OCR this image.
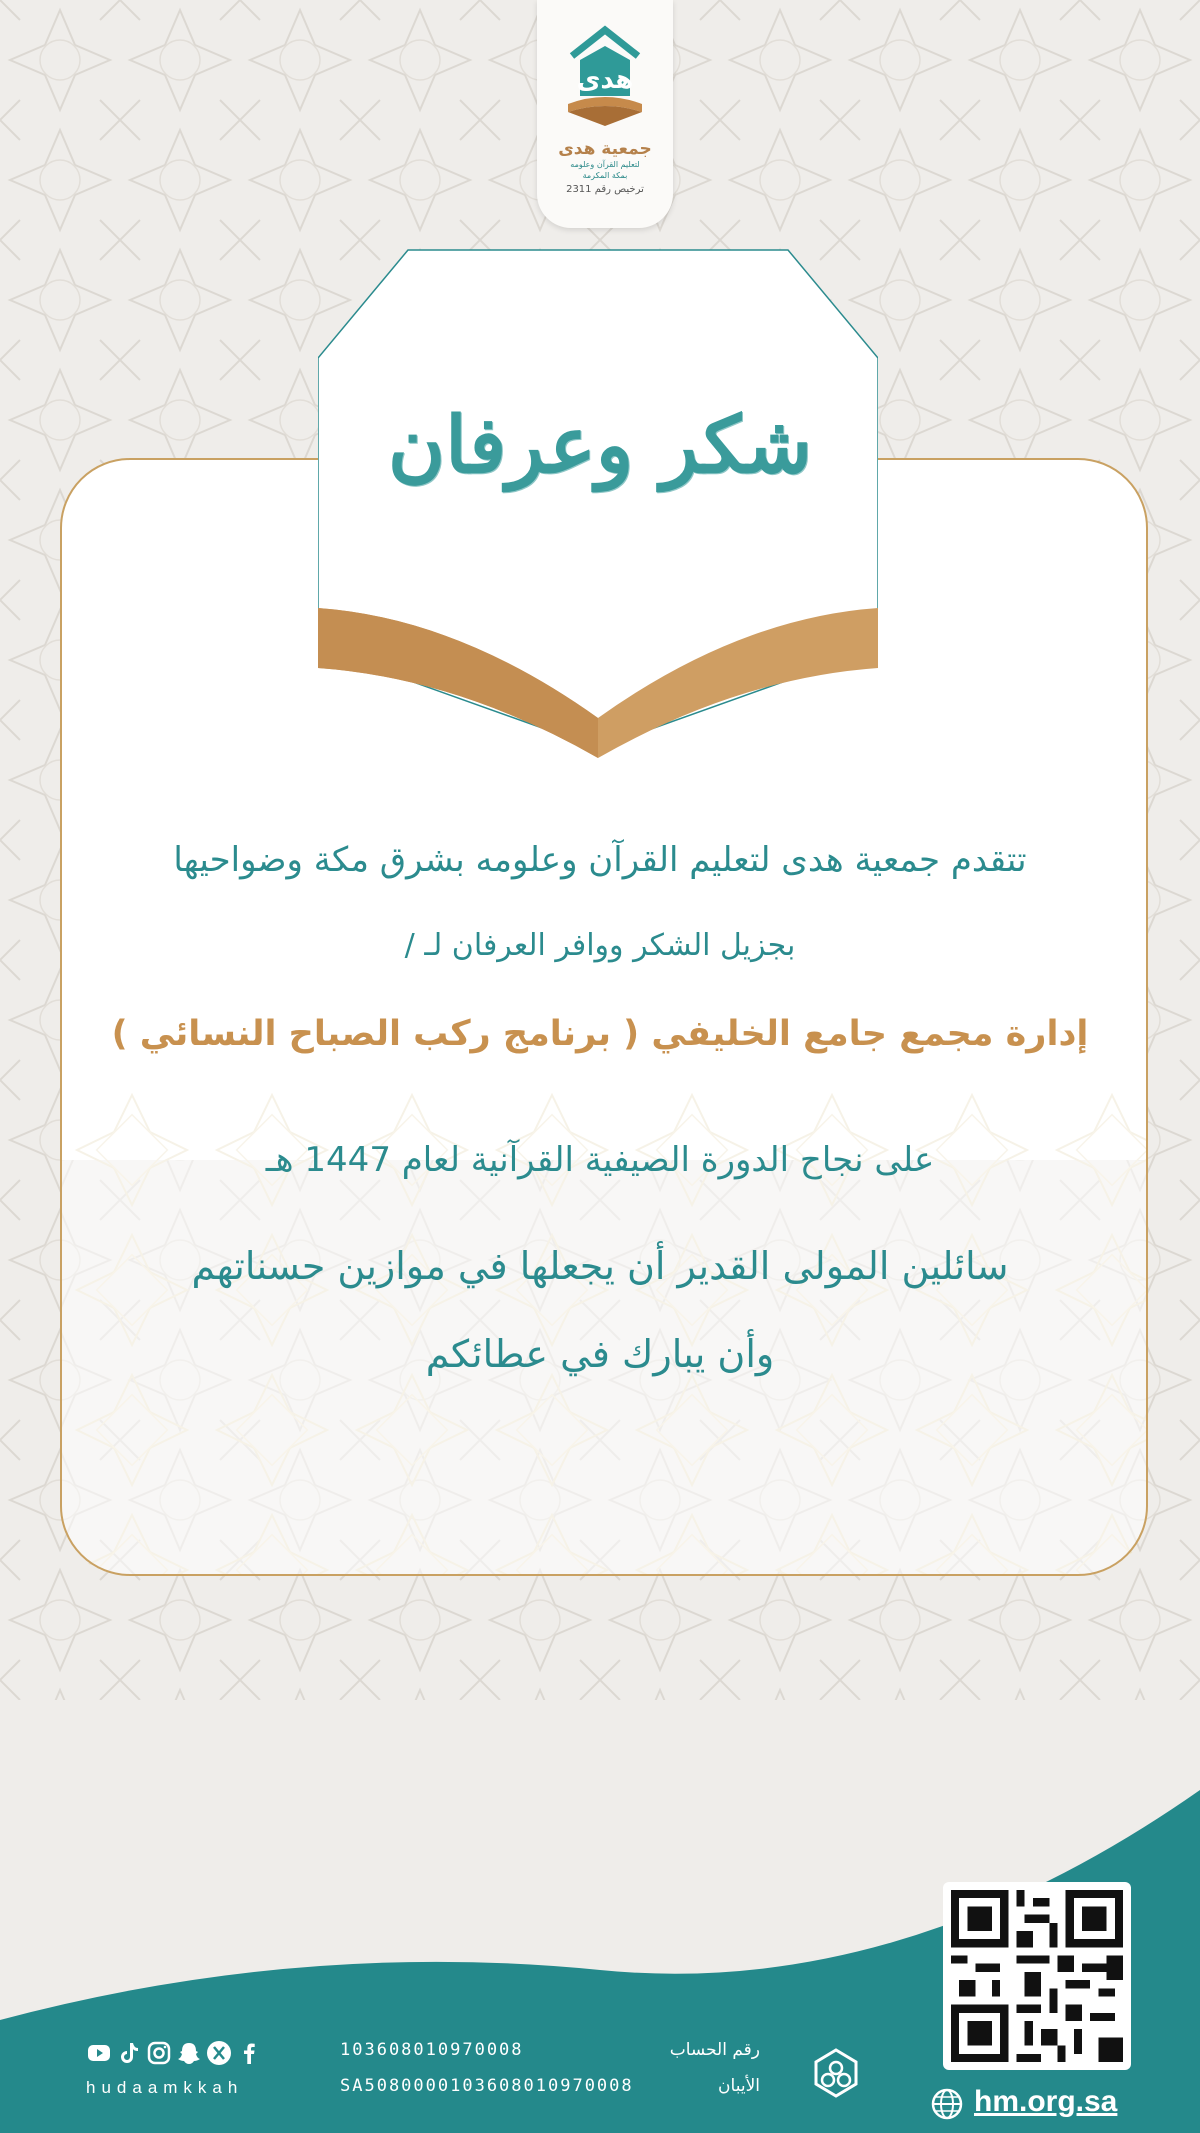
هدى
جمعية هدى
لتعليم القرآن وعلومه
بمكة المكرمة
ترخيص رقم 2311
شكر وعرفان
تتقدم جمعية هدى لتعليم القرآن وعلومه بشرق مكة وضواحيها
بجزيل الشكر ووافر العرفان لـ /
إدارة مجمع جامع الخليفي ( برنامج ركب الصباح النسائي )
على نجاح الدورة الصيفية القرآنية لعام 1447 هـ
سائلين المولى القدير أن يجعلها في موازين حسناتهم
وأن يبارك في عطائكم
hm.org.sa
103608010970008	رقم الحساب
SA5080000103608010970008	الأيبان
hudaamkkah
